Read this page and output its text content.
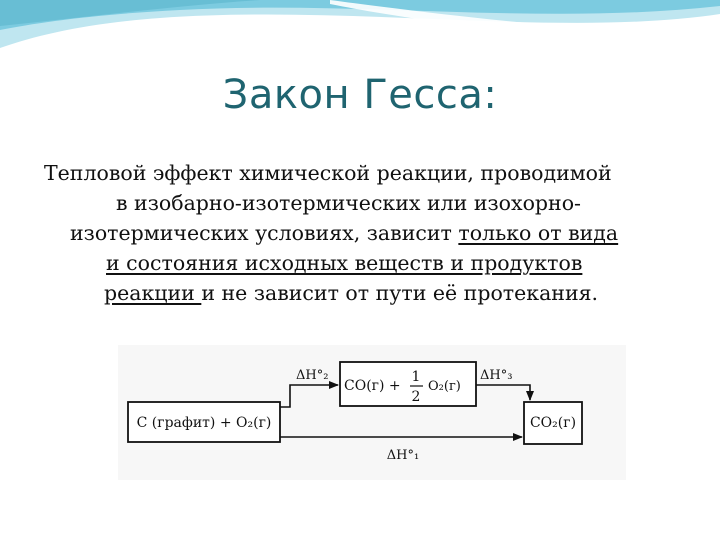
Закон Гесса:
Тепловой эффект химической реакции, проводимой
в изобарно-изотермических или изохорно-
изотермических условиях, зависит только от вида
и состояния исходных веществ и продуктов
реакции и не зависит от пути её протекания.
C (графит) + O₂(г)
CO(г) +
1
2
O₂(г)
CO₂(г)
ΔH°₂	ΔH°₃
ΔH°₁
